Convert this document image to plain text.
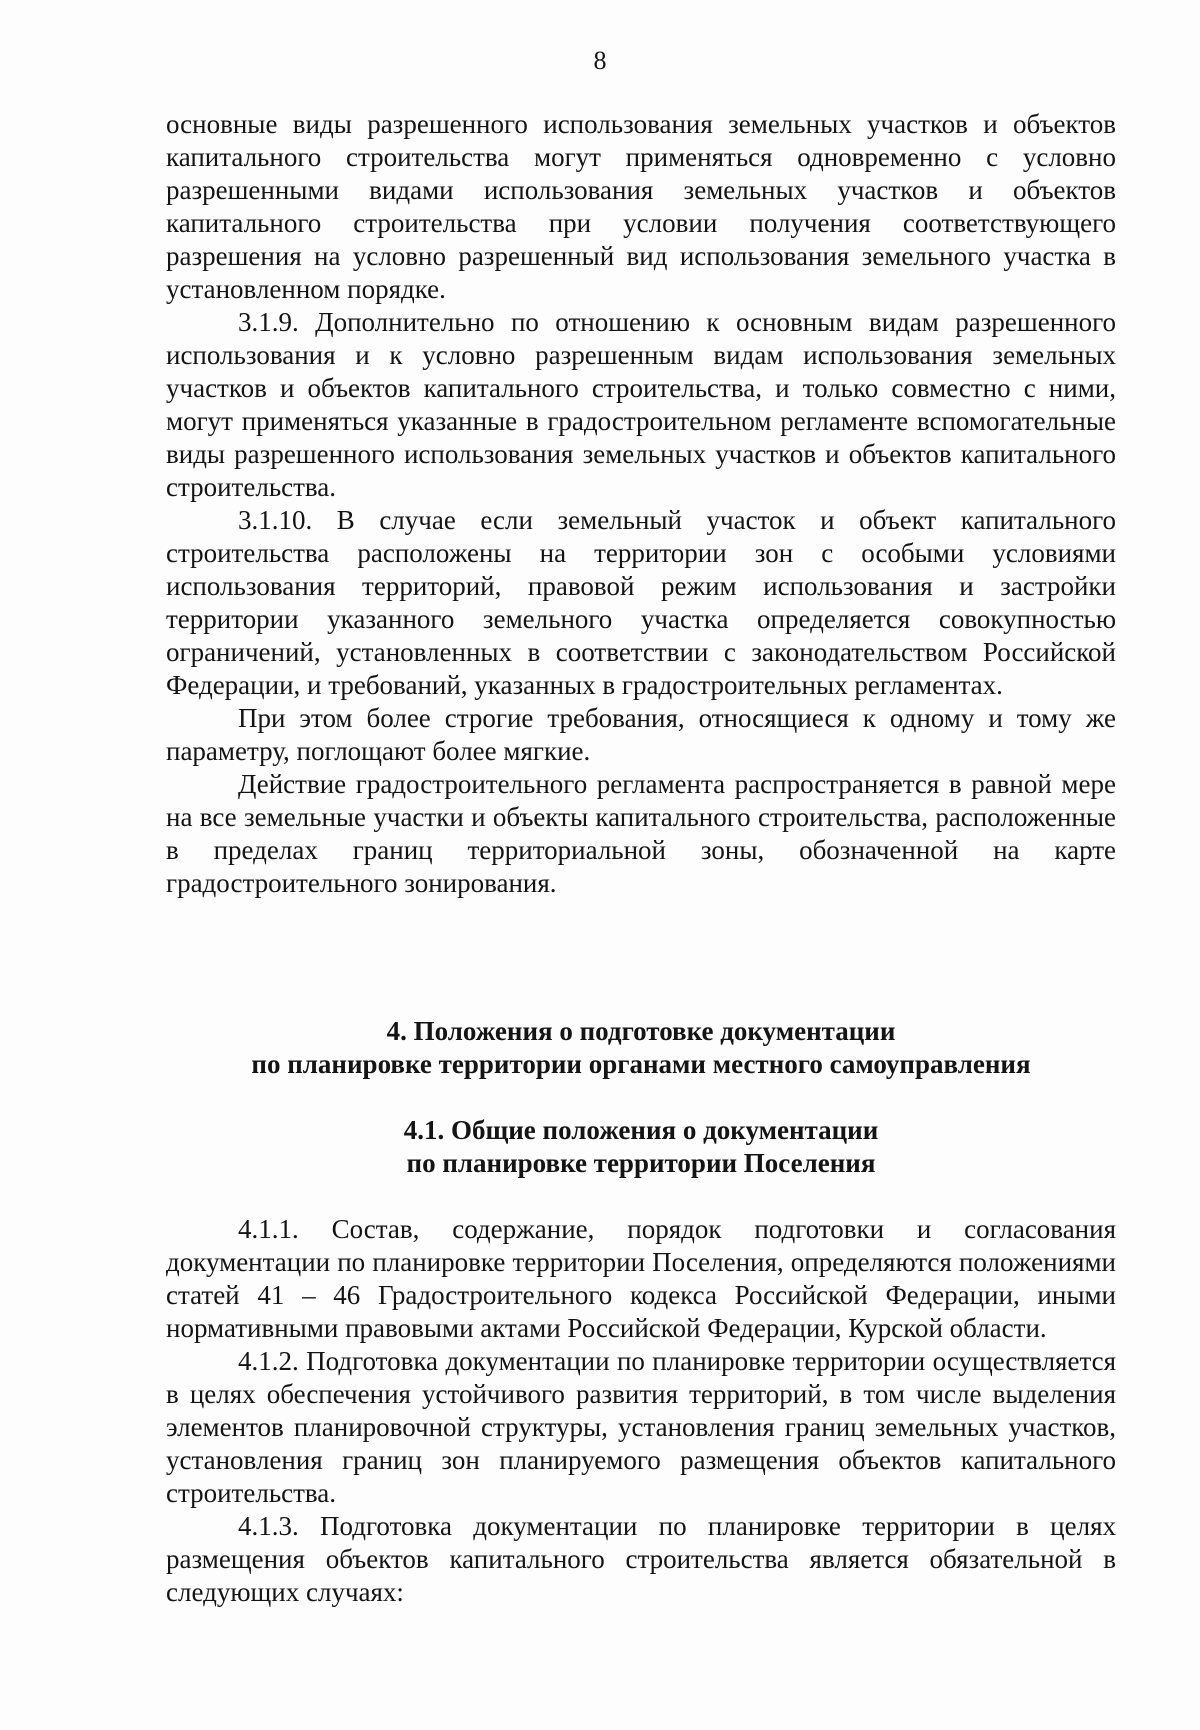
8

основные виды разрешенного использования земельных участков и объектов капитального строительства могут применяться одновременно с условно разрешенными видами использования земельных участков и объектов капитального строительства при условии получения соответствующего разрешения на условно разрешенный вид использования земельного участка в установленном порядке.

3.1.9. Дополнительно по отношению к основным видам разрешенного использования и к условно разрешенным видам использования земельных участков и объектов капитального строительства, и только совместно с ними, могут применяться указанные в градостроительном регламенте вспомогательные виды разрешенного использования земельных участков и объектов капитального строительства.

3.1.10. В случае если земельный участок и объект капитального строительства расположены на территории зон с особыми условиями использования территорий, правовой режим использования и застройки территории указанного земельного участка определяется совокупностью ограничений, установленных в соответствии с законодательством Российской Федерации, и требований, указанных в градостроительных регламентах.

При этом более строгие требования, относящиеся к одному и тому же параметру, поглощают более мягкие.

Действие градостроительного регламента распространяется в равной мере на все земельные участки и объекты капитального строительства, расположенные в пределах границ территориальной зоны, обозначенной на карте градостроительного зонирования.

4. Положения о подготовке документации
по планировке территории органами местного самоуправления
4.1. Общие положения о документации
по планировке территории Поселения

4.1.1. Состав, содержание, порядок подготовки и согласования документации по планировке территории Поселения, определяются положениями статей 41 – 46 Градостроительного кодекса Российской Федерации, иными нормативными правовыми актами Российской Федерации, Курской области.

4.1.2. Подготовка документации по планировке территории осуществляется в целях обеспечения устойчивого развития территорий, в том числе выделения элементов планировочной структуры, установления границ земельных участков, установления границ зон планируемого размещения объектов капитального строительства.

4.1.3. Подготовка документации по планировке территории в целях размещения объектов капитального строительства является обязательной в следующих случаях:
